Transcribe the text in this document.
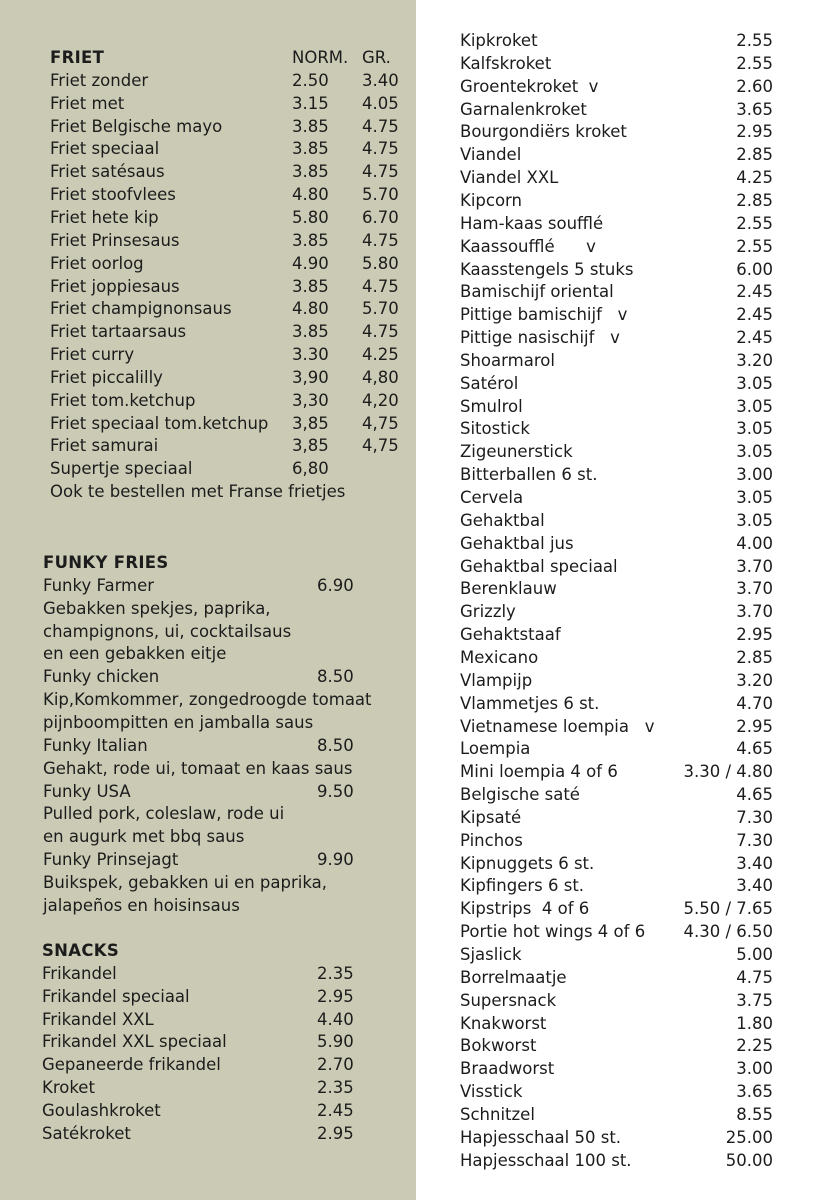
FRIET	NORM. GR.
Friet zonder	2.50 3.40
Friet met	3.15 4.05
Friet Belgische mayo	3.85 4.75
Friet speciaal	3.85 4.75
Friet satésaus	3.85 4.75
Friet stoofvlees	4.80 5.70
Friet hete kip	5.80 6.70
Friet Prinsesaus	3.85 4.75
Friet oorlog	4.90 5.80
Friet joppiesaus	3.85 4.75
Friet champignonsaus	4.80 5.70
Friet tartaarsaus	3.85 4.75
Friet curry	3.30 4.25
Friet piccalilly	3,90 4,80
Friet tom.ketchup	3,30 4,20
Friet speciaal tom.ketchup 3,85 4,75
Friet samurai	3,85 4,75
Supertje speciaal	6,80
Ook te bestellen met Franse frietjes
FUNKY FRIES
Funky Farmer	6.90
Gebakken spekjes, paprika,
champignons, ui, cocktailsaus
en een gebakken eitje
Funky chicken	8.50
Kip,Komkommer, zongedroogde tomaat
pijnboompitten en jamballa saus
Funky Italian	8.50
Gehakt, rode ui, tomaat en kaas saus
Funky USA	9.50
Pulled pork, coleslaw, rode ui
en augurk met bbq saus
Funky Prinsejagt	9.90
Buikspek, gebakken ui en paprika,
jalapeños en hoisinsaus
SNACKS
Frikandel	2.35
Frikandel speciaal	2.95
Frikandel XXL	4.40
Frikandel XXL speciaal	5.90
Gepaneerde frikandel	2.70
Kroket	2.35
Goulashkroket	2.45
Satékroket	2.95
Kipkroket	2.55
Kalfskroket	2.55
Groentekroket  v	2.60
Garnalenkroket	3.65
Bourgondiërs kroket	2.95
Viandel	2.85
Viandel XXL	4.25
Kipcorn	2.85
Ham-kaas soufflé	2.55
Kaassoufflé      v	2.55
Kaasstengels 5 stuks	6.00
Bamischijf oriental	2.45
Pittige bamischijf   v	2.45
Pittige nasischijf   v	2.45
Shoarmarol	3.20
Satérol	3.05
Smulrol	3.05
Sitostick	3.05
Zigeunerstick	3.05
Bitterballen 6 st.	3.00
Cervela	3.05
Gehaktbal	3.05
Gehaktbal jus	4.00
Gehaktbal speciaal	3.70
Berenklauw	3.70
Grizzly	3.70
Gehaktstaaf	2.95
Mexicano	2.85
Vlampijp	3.20
Vlammetjes 6 st.	4.70
Vietnamese loempia   v	2.95
Loempia	4.65
Mini loempia 4 of 6	3.30 / 4.80
Belgische saté	4.65
Kipsaté	7.30
Pinchos	7.30
Kipnuggets 6 st.	3.40
Kipfingers 6 st.	3.40
Kipstrips  4 of 6	5.50 / 7.65
Portie hot wings 4 of 6 4.30 / 6.50
Sjaslick	5.00
Borrelmaatje	4.75
Supersnack	3.75
Knakworst	1.80
Bokworst	2.25
Braadworst	3.00
Visstick	3.65
Schnitzel	8.55
Hapjesschaal 50 st.	25.00
Hapjesschaal 100 st.	50.00
